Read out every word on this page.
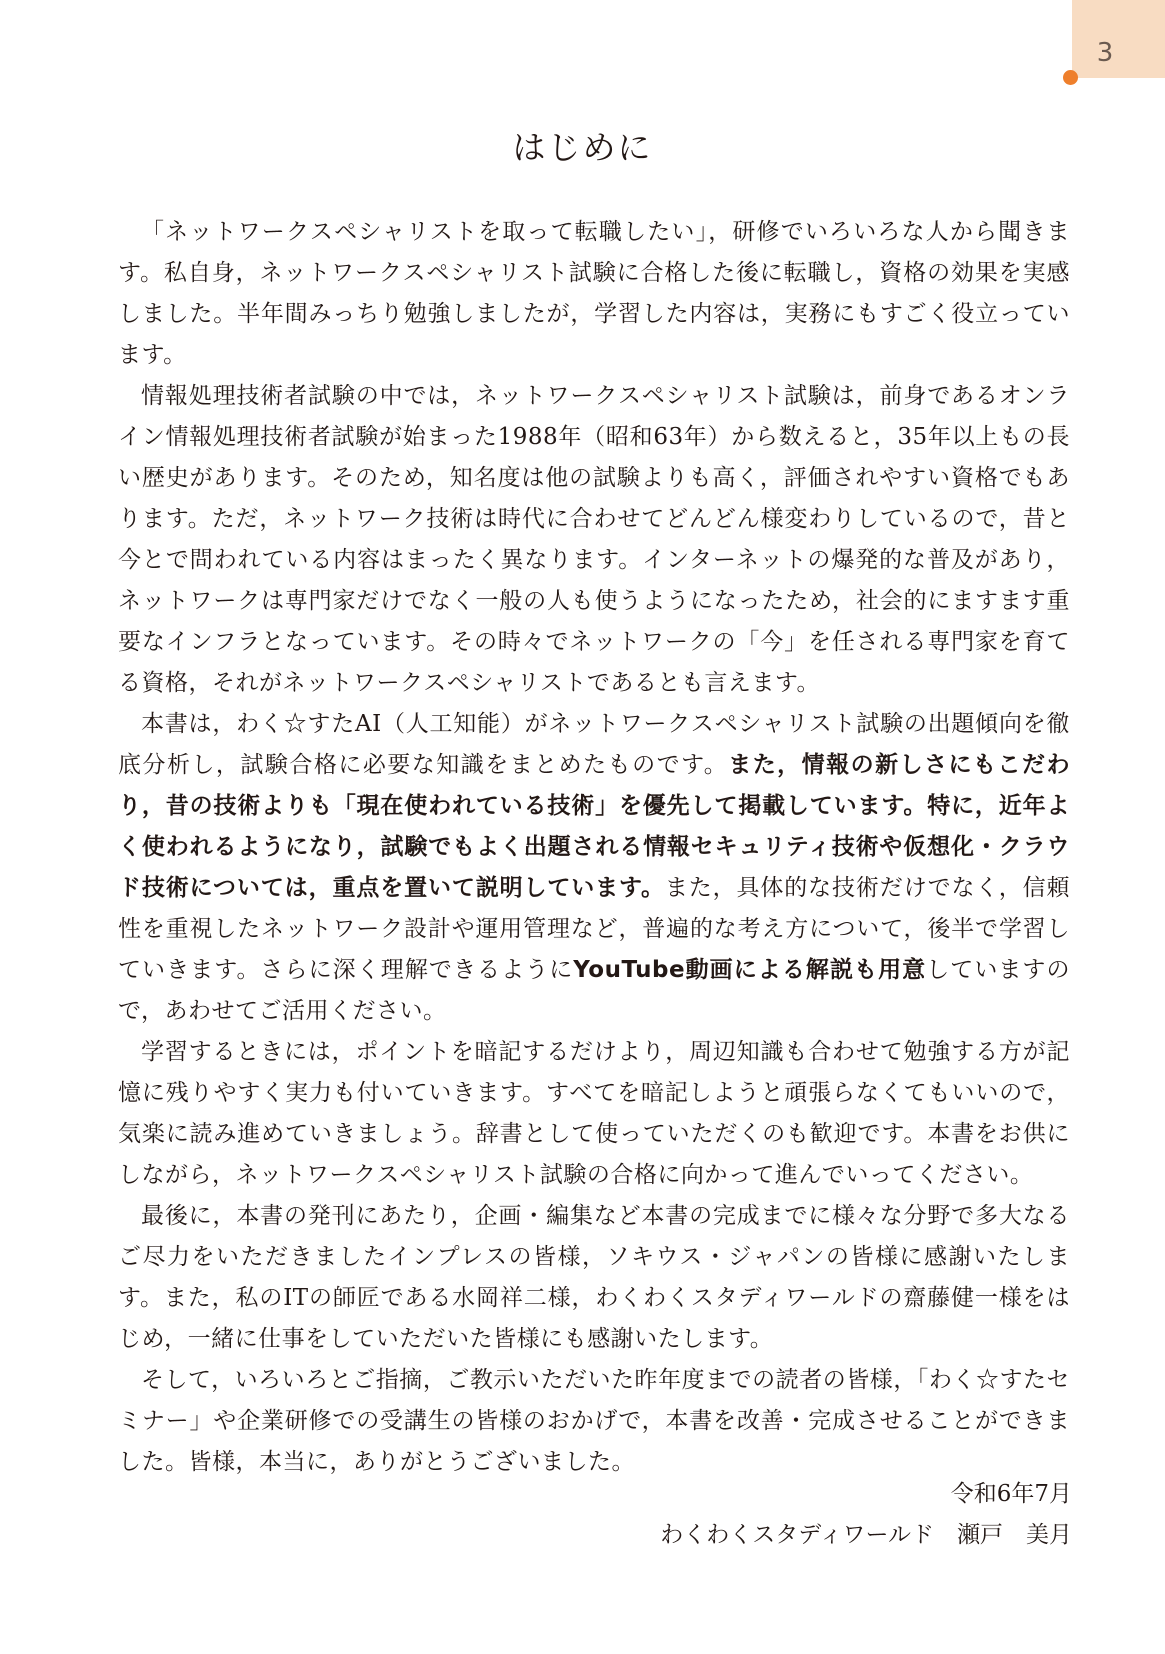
3
はじめに

「ネットワークスペシャリストを取って転職したい」，研修でいろいろな人から聞きます。私自身，ネットワークスペシャリスト試験に合格した後に転職し，資格の効果を実感しました。半年間みっちり勉強しましたが，学習した内容は，実務にもすごく役立っています。

情報処理技術者試験の中では，ネットワークスペシャリスト試験は，前身であるオンライン情報処理技術者試験が始まった1988年（昭和63年）から数えると，35年以上もの長い歴史があります。そのため，知名度は他の試験よりも高く，評価されやすい資格でもあります。ただ，ネットワーク技術は時代に合わせてどんどん様変わりしているので，昔と今とで問われている内容はまったく異なります。インターネットの爆発的な普及があり，ネットワークは専門家だけでなく一般の人も使うようになったため，社会的にますます重要なインフラとなっています。その時々でネットワークの「今」を任される専門家を育てる資格，それがネットワークスペシャリストであるとも言えます。

本書は，わく☆すたAI（人工知能）がネットワークスペシャリスト試験の出題傾向を徹底分析し，試験合格に必要な知識をまとめたものです。また，情報の新しさにもこだわり，昔の技術よりも「現在使われている技術」を優先して掲載しています。特に，近年よく使われるようになり，試験でもよく出題される情報セキュリティ技術や仮想化・クラウド技術については，重点を置いて説明しています。また，具体的な技術だけでなく，信頼性を重視したネットワーク設計や運用管理など，普遍的な考え方について，後半で学習していきます。さらに深く理解できるようにYouTube動画による解説も用意していますので，あわせてご活用ください。

学習するときには，ポイントを暗記するだけより，周辺知識も合わせて勉強する方が記憶に残りやすく実力も付いていきます。すべてを暗記しようと頑張らなくてもいいので，気楽に読み進めていきましょう。辞書として使っていただくのも歓迎です。本書をお供にしながら，ネットワークスペシャリスト試験の合格に向かって進んでいってください。

最後に，本書の発刊にあたり，企画・編集など本書の完成までに様々な分野で多大なるご尽力をいただきましたインプレスの皆様，ソキウス・ジャパンの皆様に感謝いたします。また，私のITの師匠である水岡祥二様，わくわくスタディワールドの齋藤健一様をはじめ，一緒に仕事をしていただいた皆様にも感謝いたします。

そして，いろいろとご指摘，ご教示いただいた昨年度までの読者の皆様，「わく☆すたセミナー」や企業研修での受講生の皆様のおかげで，本書を改善・完成させることができました。皆様，本当に，ありがとうございました。

令和6年7月
わくわくスタディワールド　瀬戸　美月
